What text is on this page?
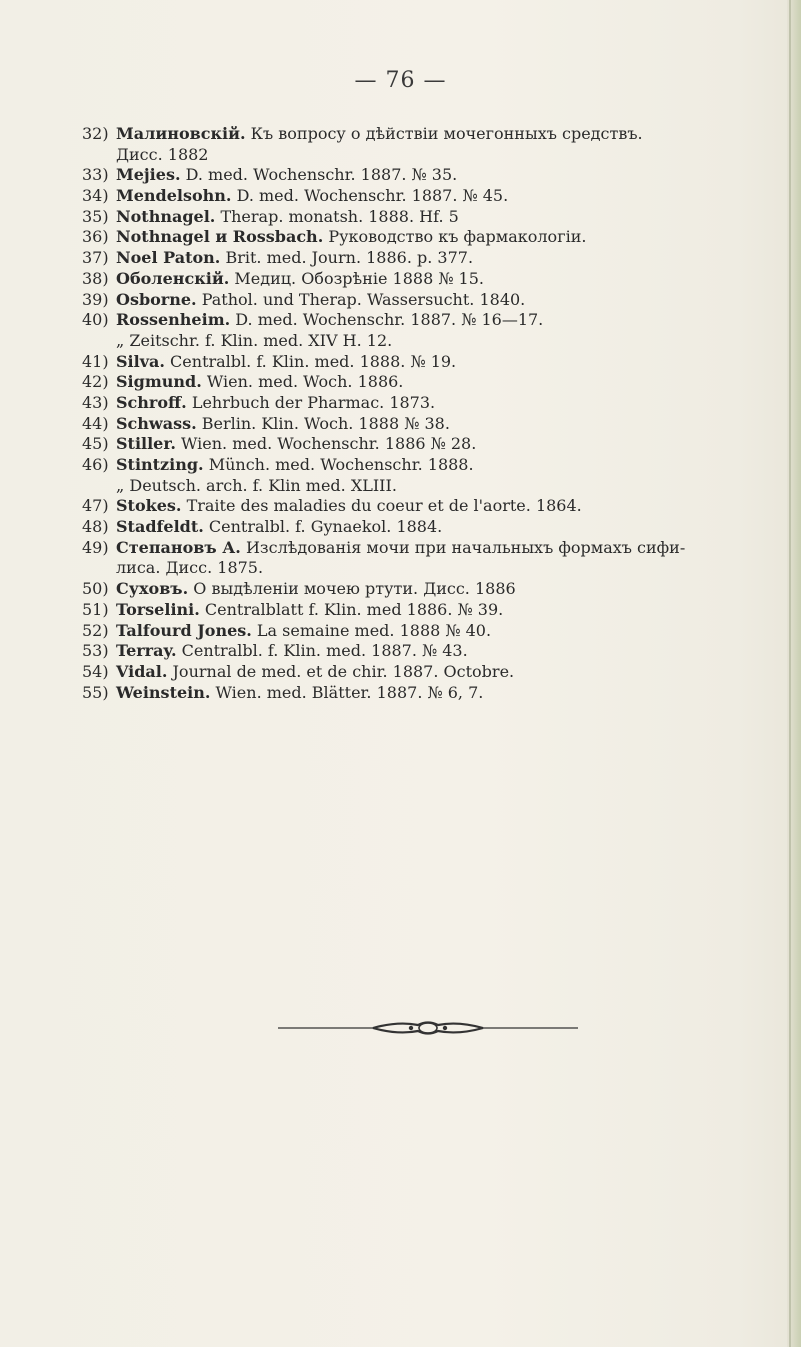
— 76 —
32) Малиновскій. Къ вопросу о дѣйствіи мочегонныхъ средствъ.
Дисс. 1882
33) Mejies. D. med. Wochenschr. 1887. № 35.
34) Mendelsohn. D. med. Wochenschr. 1887. № 45.
35) Nothnagel. Therap. monatsh. 1888. Hf. 5
36) Nothnagel и Rossbach. Руководство къ фармакологіи.
37) Noel Paton. Brit. med. Journ. 1886. p. 377.
38) Оболенскій. Медиц. Обозрѣніе 1888 № 15.
39) Osborne. Pathol. und Therap. Wassersucht. 1840.
40) Rossenheim. D. med. Wochenschr. 1887. № 16—17.
„ Zeitschr. f. Klin. med. XIV H. 12.
41) Silva. Centralbl. f. Klin. med. 1888. № 19.
42) Sigmund. Wien. med. Woch. 1886.
43) Schroff. Lehrbuch der Pharmac. 1873.
44) Schwass. Berlin. Klin. Woch. 1888 № 38.
45) Stiller. Wien. med. Wochenschr. 1886 № 28.
46) Stintzing. Münch. med. Wochenschr. 1888.
„ Deutsch. arch. f. Klin med. XLIII.
47) Stokes. Traite des maladies du coeur et de l'aorte. 1864.
48) Stadfeldt. Centralbl. f. Gynaekol. 1884.
49) Степановъ А. Изслѣдованія мочи при начальныхъ формахъ сифи-
лиса. Дисс. 1875.
50) Суховъ. О выдѣленіи мочею ртути. Дисс. 1886
51) Torselini. Centralblatt f. Klin. med 1886. № 39.
52) Talfourd Jones. La semaine med. 1888 № 40.
53) Terray. Centralbl. f. Klin. med. 1887. № 43.
54) Vidal. Journal de med. et de chir. 1887. Octobre.
55) Weinstein. Wien. med. Blätter. 1887. № 6, 7.
